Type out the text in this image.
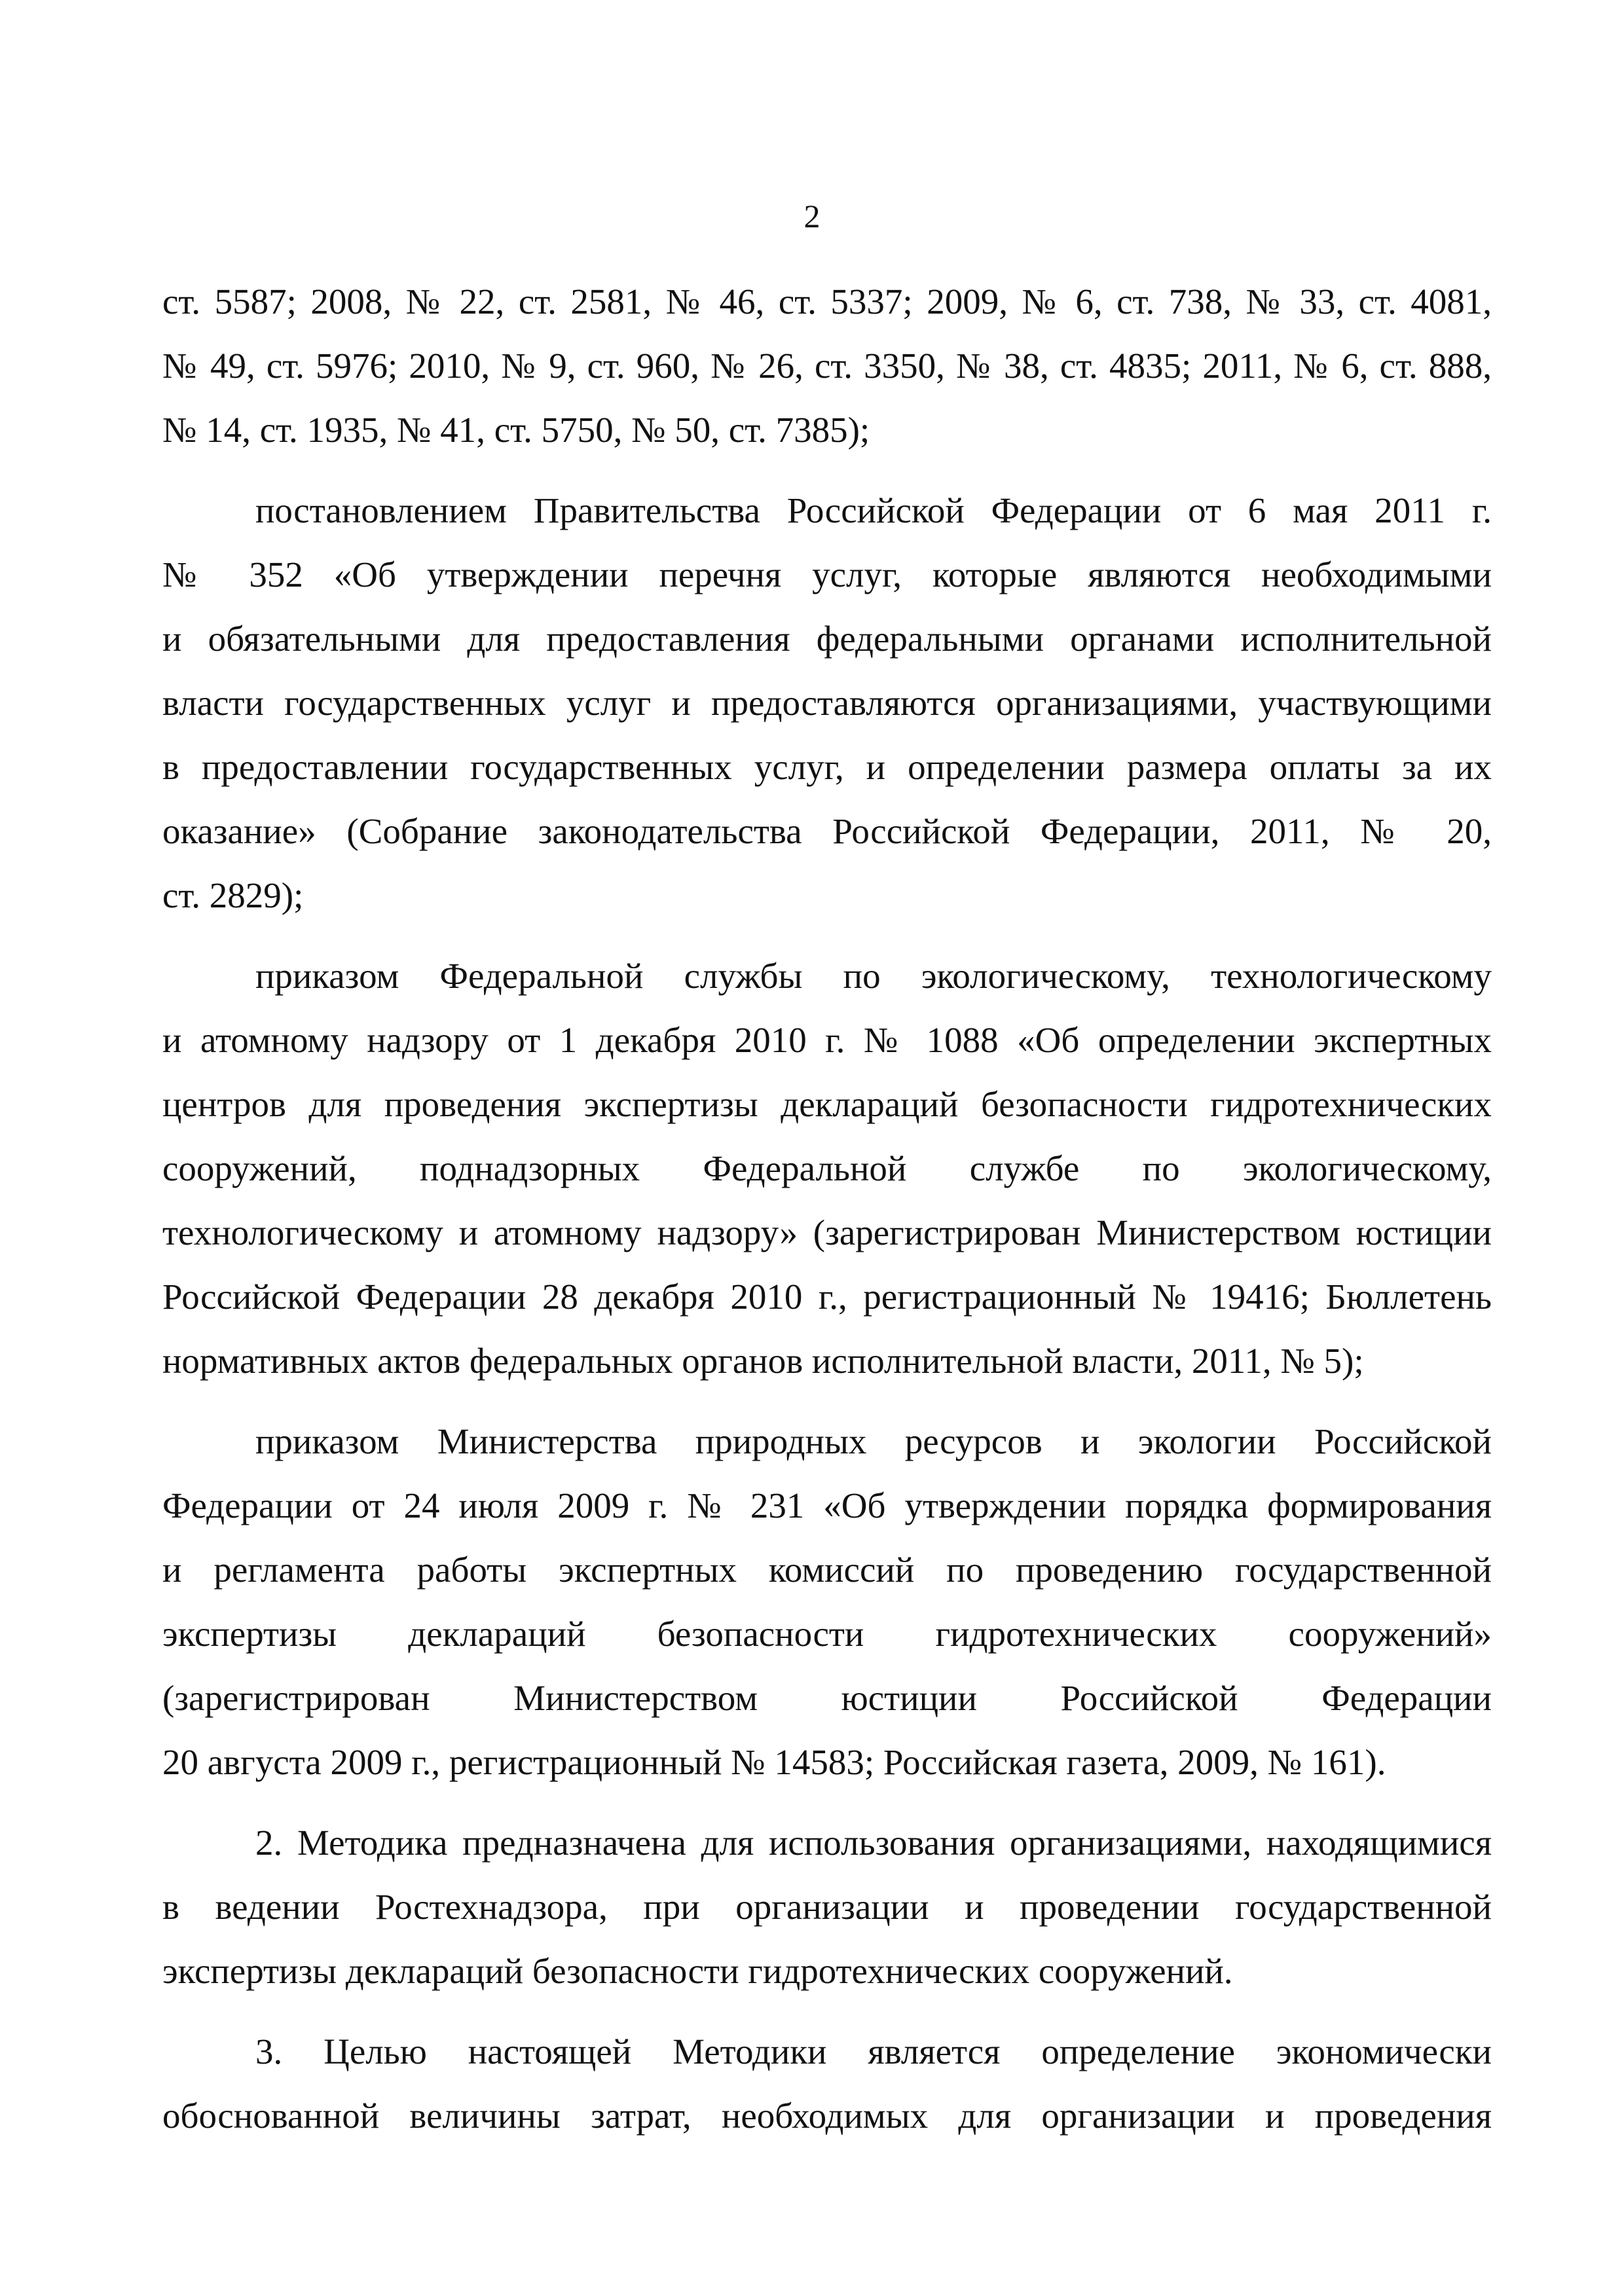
2
ст. 5587; 2008, № 22, ст. 2581, № 46, ст. 5337; 2009, № 6, ст. 738, № 33, ст. 4081,
№ 49, ст. 5976; 2010, № 9, ст. 960, № 26, ст. 3350, № 38, ст. 4835; 2011, № 6, ст. 888,
№ 14, ст. 1935, № 41, ст. 5750, № 50, ст. 7385);
постановлением Правительства Российской Федерации от 6 мая 2011 г.
№ 352 «Об утверждении перечня услуг, которые являются необходимыми
и обязательными для предоставления федеральными органами исполнительной
власти государственных услуг и предоставляются организациями, участвующими
в предоставлении государственных услуг, и определении размера оплаты за их
оказание» (Собрание законодательства Российской Федерации, 2011, № 20,
ст. 2829);
приказом Федеральной службы по экологическому, технологическому
и атомному надзору от 1 декабря 2010 г. № 1088 «Об определении экспертных
центров для проведения экспертизы деклараций безопасности гидротехнических
сооружений, поднадзорных Федеральной службе по экологическому,
технологическому и атомному надзору» (зарегистрирован Министерством юстиции
Российской Федерации 28 декабря 2010 г., регистрационный № 19416; Бюллетень
нормативных актов федеральных органов исполнительной власти, 2011, № 5);
приказом Министерства природных ресурсов и экологии Российской
Федерации от 24 июля 2009 г. № 231 «Об утверждении порядка формирования
и регламента работы экспертных комиссий по проведению государственной
экспертизы деклараций безопасности гидротехнических сооружений»
(зарегистрирован Министерством юстиции Российской Федерации
20 августа 2009 г., регистрационный № 14583; Российская газета, 2009, № 161).
2. Методика предназначена для использования организациями, находящимися
в ведении Ростехнадзора, при организации и проведении государственной
экспертизы деклараций безопасности гидротехнических сооружений.
3. Целью настоящей Методики является определение экономически
обоснованной величины затрат, необходимых для организации и проведения
